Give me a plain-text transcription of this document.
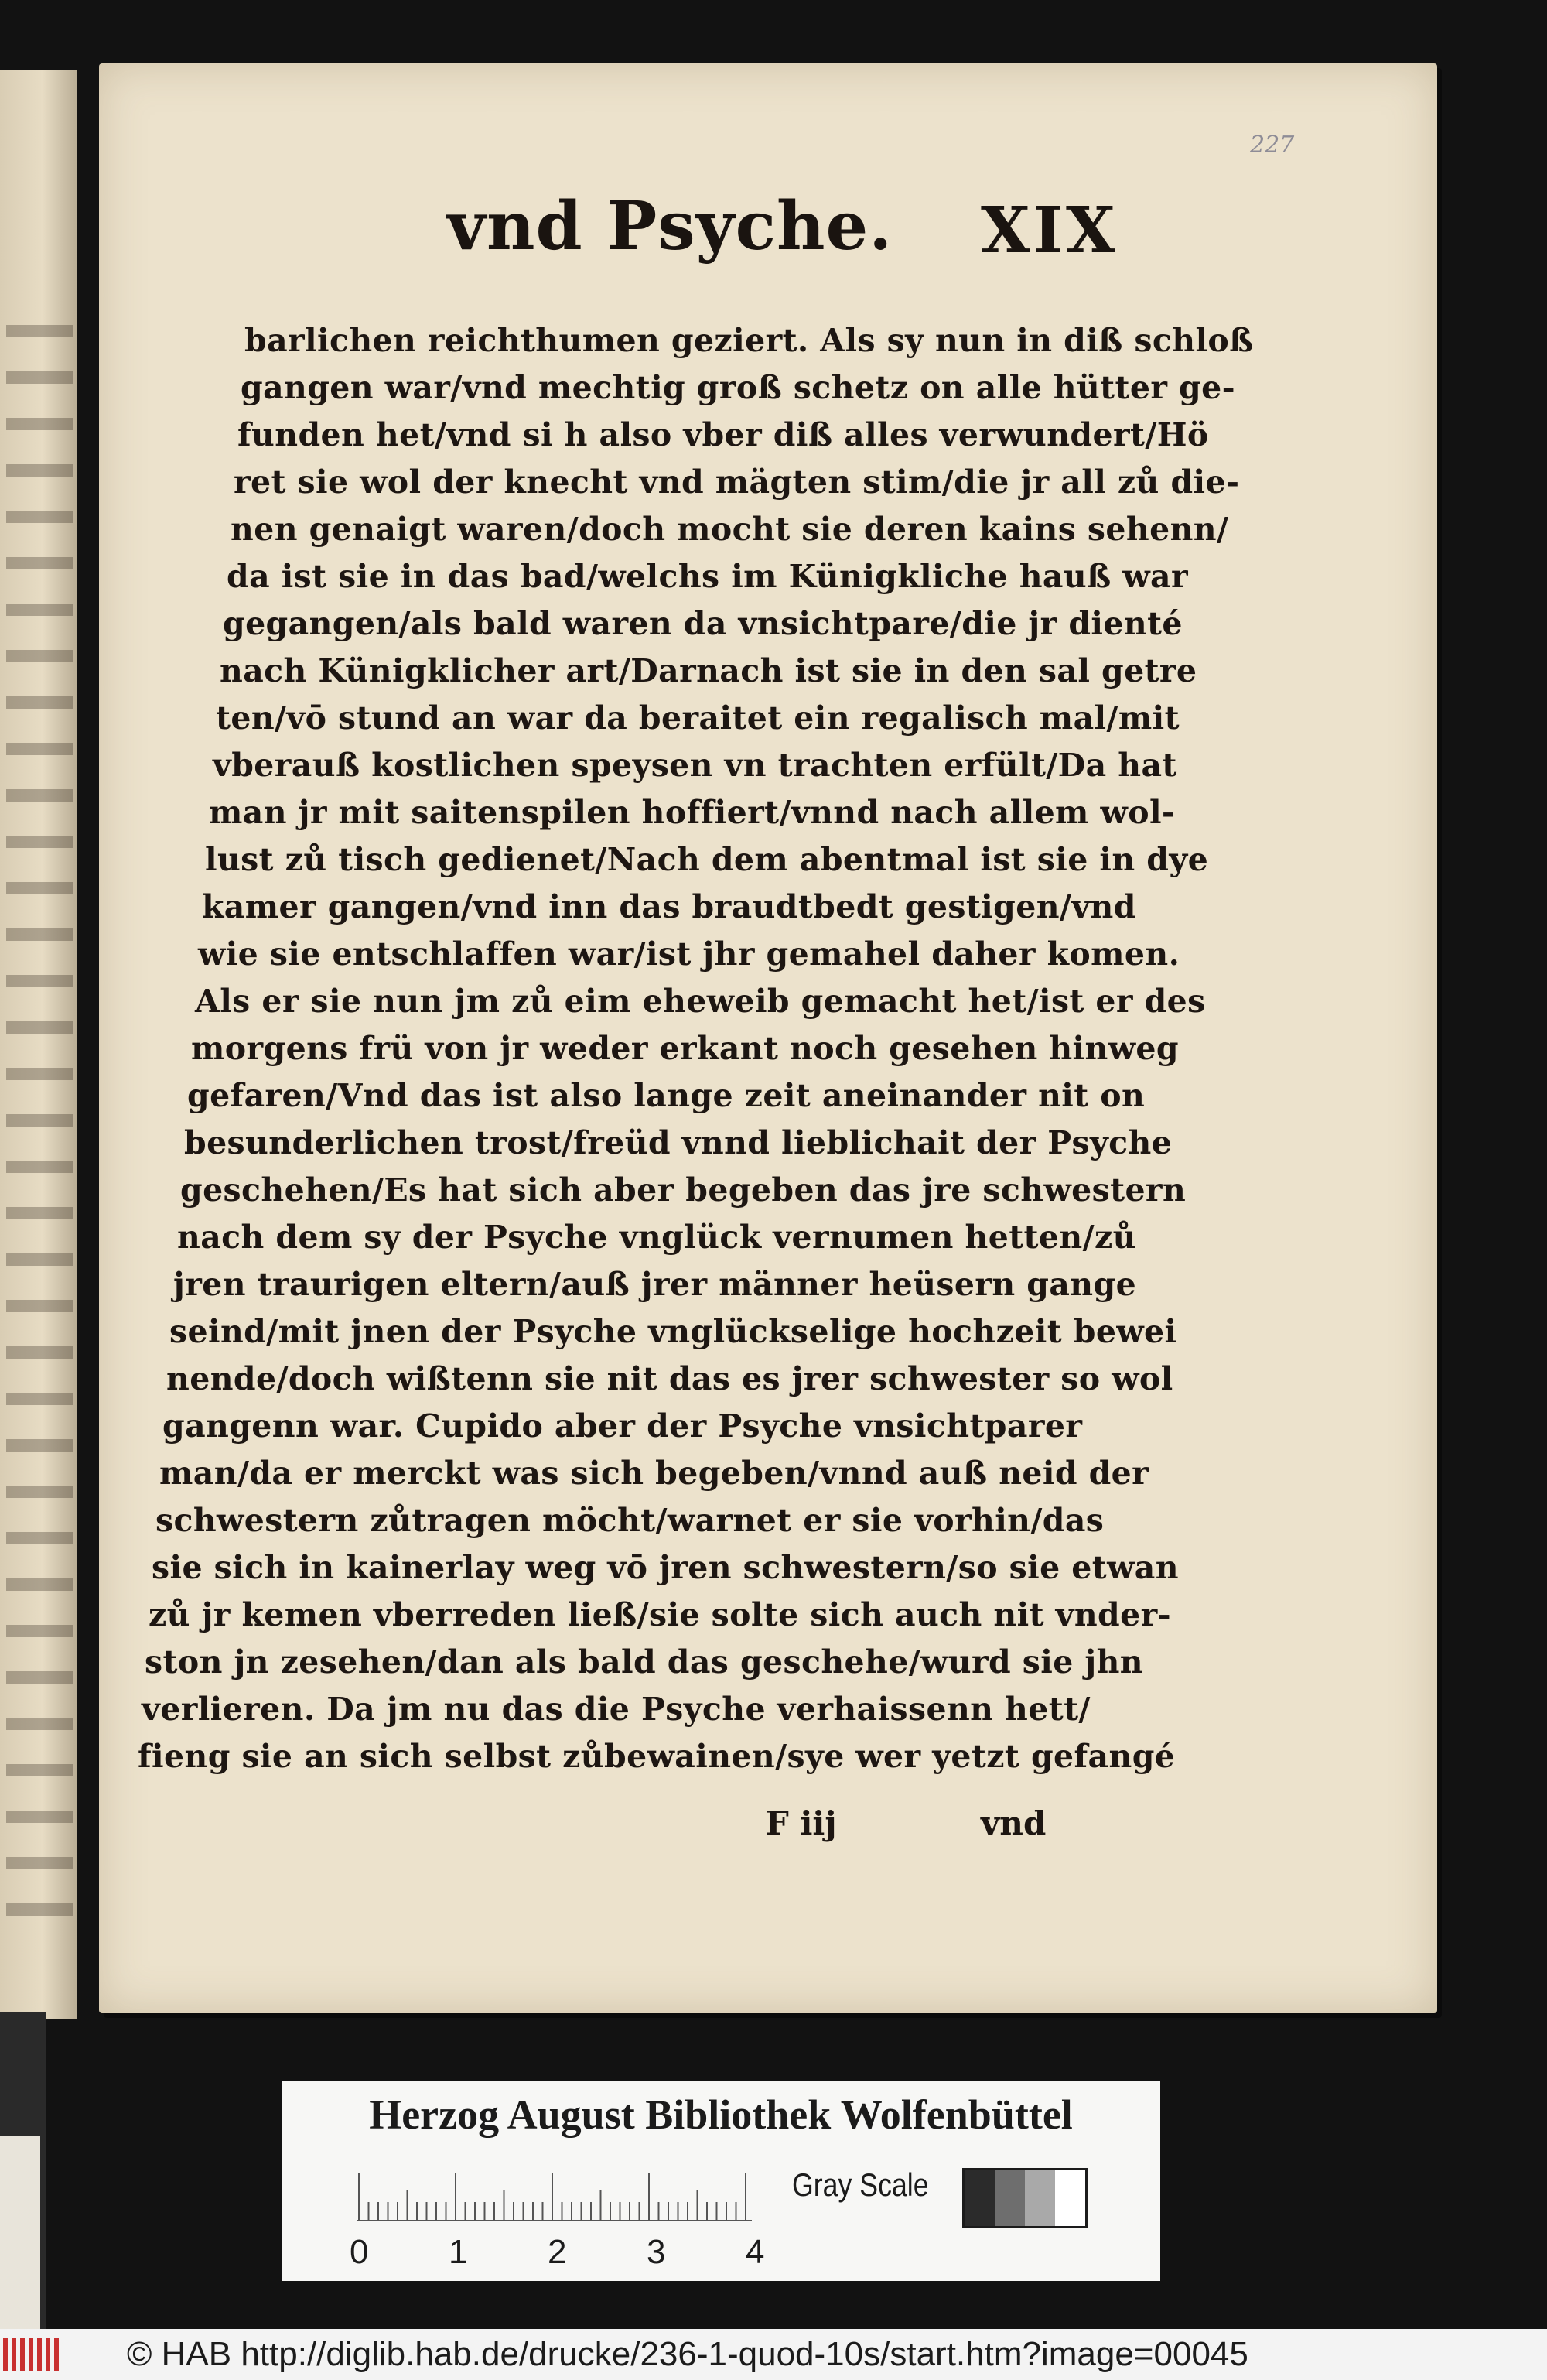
227
vnd Psyche. XIX
barlichen reichthumen geziert. Als sy nun in diß schloß
gangen war/vnd mechtig groß schetz on alle hütter ge-
funden het/vnd si h also vber diß alles verwundert/Hö
ret sie wol der knecht vnd mägten stim/die jr all zů die-
nen genaigt waren/doch mocht sie deren kains sehenn/
da ist sie in das bad/welchs im Künigkliche hauß war
gegangen/als bald waren da vnsichtpare/die jr dienté
nach Künigklicher art/Darnach ist sie in den sal getre
ten/vō stund an war da beraitet ein regalisch mal/mit
vberauß kostlichen speysen vn trachten erfült/Da hat
man jr mit saitenspilen hoffiert/vnnd nach allem wol-
lust zů tisch gedienet/Nach dem abentmal ist sie in dye
kamer gangen/vnd inn das braudtbedt gestigen/vnd
wie sie entschlaffen war/ist jhr gemahel daher komen.
Als er sie nun jm zů eim eheweib gemacht het/ist er des
morgens frü von jr weder erkant noch gesehen hinweg
gefaren/Vnd das ist also lange zeit aneinander nit on
besunderlichen trost/freüd vnnd lieblichait der Psyche
geschehen/Es hat sich aber begeben das jre schwestern
nach dem sy der Psyche vnglück vernumen hetten/zů
jren traurigen eltern/auß jrer männer heüsern gange
seind/mit jnen der Psyche vnglückselige hochzeit bewei
nende/doch wißtenn sie nit das es jrer schwester so wol
gangenn war. Cupido aber der Psyche vnsichtparer
man/da er merckt was sich begeben/vnnd auß neid der
schwestern zůtragen möcht/warnet er sie vorhin/das
sie sich in kainerlay weg vō jren schwestern/so sie etwan
zů jr kemen vberreden ließ/sie solte sich auch nit vnder-
ston jn zesehen/dan als bald das geschehe/wurd sie jhn
verlieren. Da jm nu das die Psyche verhaissenn hett/
fieng sie an sich selbst zůbewainen/sye wer yetzt gefangé
F iij	vnd
Herzog August Bibliothek Wolfenbüttel
0 1 2 3 4
Gray Scale
© HAB http://diglib.hab.de/drucke/236-1-quod-10s/start.htm?image=00045
